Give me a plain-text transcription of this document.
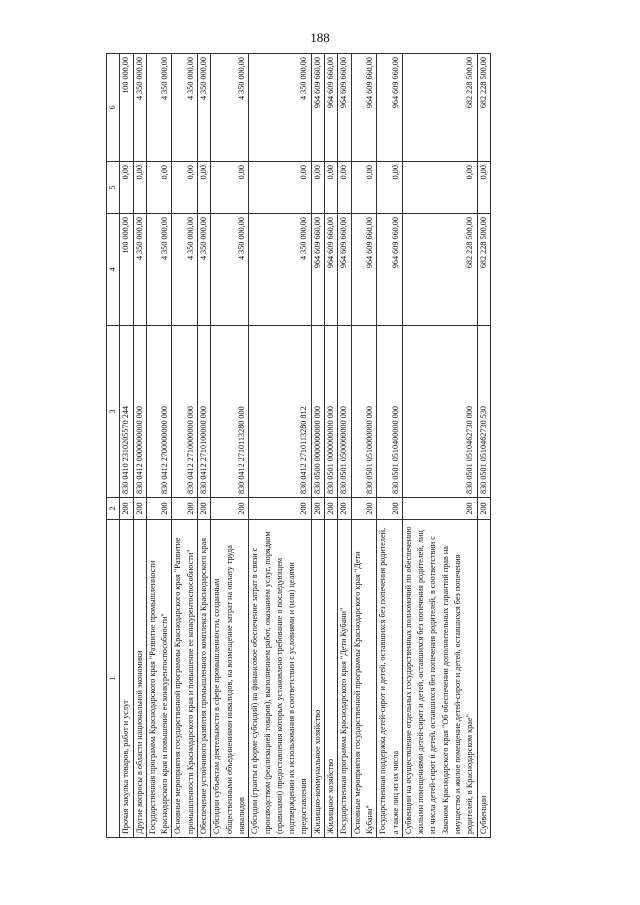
188
1	2	3	4	5	6
Прочая закупка товаров, работ и услуг	200	830 0410 2310205570 244	100 000,00	0,00	100 000,00
Другие вопросы в области национальной экономики	200	830 0412 0000000000 000	4 350 000,00	0,00	4 350 000,00
Государственная программа Краснодарского края "Развитие промышленности Краснодарского края и повышение ее конкурентоспособности"	200	830 0412 2700000000 000	4 350 000,00	0,00	4 350 000,00
Основные мероприятия государственной программы Краснодарского края "Развитие промышленности Краснодарского края и повышение ее конкурентоспособности"	200	830 0412 2710000000 000	4 350 000,00	0,00	4 350 000,00
Обеспечение устойчивого развития промышленного комплекса Краснодарского края	200	830 0412 2710100000 000	4 350 000,00	0,00	4 350 000,00
Субсидии субъектам деятельности в сфере промышленности, созданным общественными объединениями инвалидов, на возмещение затрат на оплату труда инвалидов	200	830 0412 2710113280 000	4 350 000,00	0,00	4 350 000,00
Субсидии (гранты в форме субсидий) на финансовое обеспечение затрат в связи с производством (реализацией товаров), выполнением работ, оказанием услуг, порядком (правилами) предоставления которых установлено требование о последующем подтверждении их использования в соответствии с условиями и (или) целями предоставления	200	830 0412 2710113280 812	4 350 000,00	0,00	4 350 000,00
Жилищно-коммунальное хозяйство	200	830 0500 0000000000 000	964 609 660,00	0,00	964 609 660,00
Жилищное хозяйство	200	830 0501 0000000000 000	964 609 660,00	0,00	964 609 660,00
Государственная программа Краснодарского края "Дети Кубани"	200	830 0501 0500000000 000	964 609 660,00	0,00	964 609 660,00
Основные мероприятия государственной программы Краснодарского края "Дети Кубани"	200	830 0501 0510000000 000	964 609 660,00	0,00	964 609 660,00
Государственная поддержка детей-сирот и детей, оставшихся без попечения родителей, а также лиц из их числа	200	830 0501 0510400000 000	964 609 660,00	0,00	964 609 660,00
Субвенции на осуществление отдельных государственных полномочий по обеспечению жилыми помещениями детей-сирот и детей, оставшихся без попечения родителей, лиц из числа детей-сирот и детей, оставшихся без попечения родителей, в соответствии с Законом Краснодарского края "Об обеспечении дополнительных гарантий прав на имущество и жилое помещение детей-сирот и детей, оставшихся без попечения родителей, в Краснодарском крае"	200	830 0501 0510462730 000	682 228 500,00	0,00	682 228 500,00
Субвенции	200	830 0501 0510462730 530	682 228 500,00	0,00	682 228 500,00
